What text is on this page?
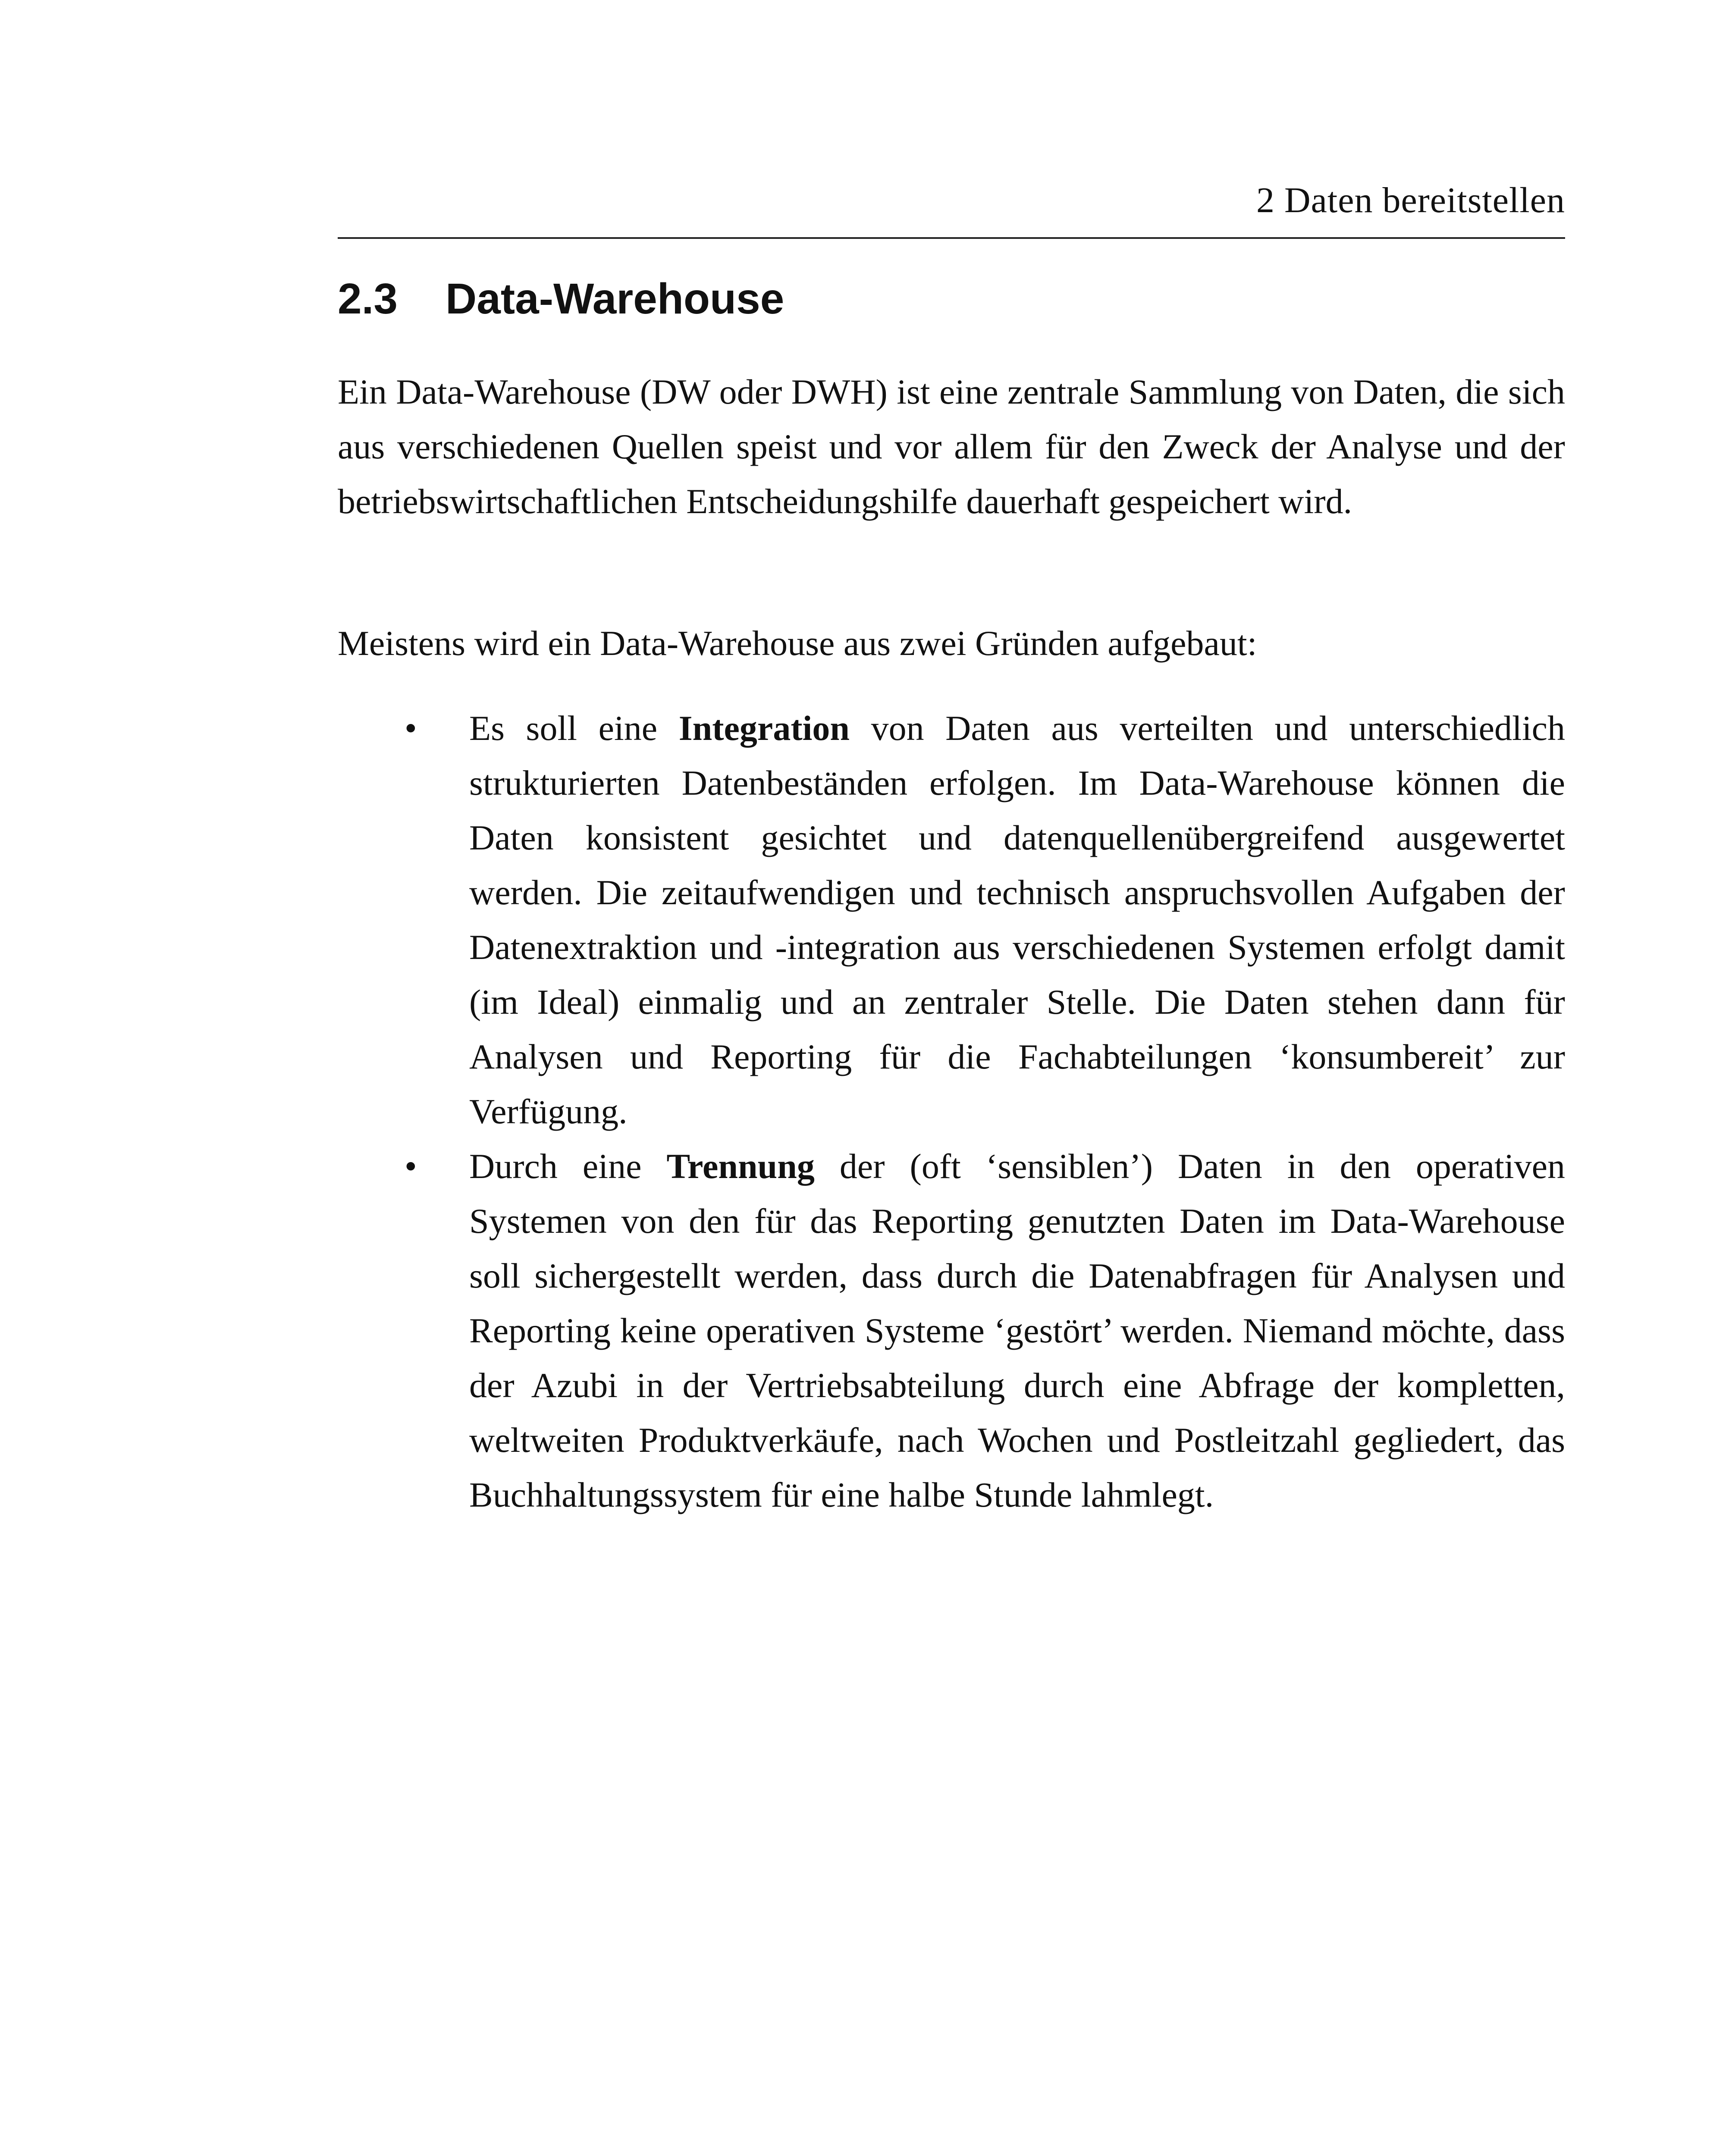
2 Daten bereitstellen
2.3 Data-Warehouse

Ein Data-Warehouse (DW oder DWH) ist eine zentrale Sammlung von Daten, die sich aus verschiedenen Quellen speist und vor allem für den Zweck der Analyse und der betriebswirtschaftlichen Entscheidungshilfe dauerhaft gespeichert wird.

Meistens wird ein Data-Warehouse aus zwei Gründen aufgebaut:

• Es soll eine Integration von Daten aus verteilten und unterschiedlich strukturierten Datenbeständen erfolgen. Im Data-Warehouse können die Daten konsistent gesichtet und datenquellenübergreifend ausgewertet werden. Die zeitaufwendigen und technisch anspruchsvollen Aufgaben der Datenextraktion und -integration aus verschiedenen Systemen erfolgt damit (im Ideal) einmalig und an zentraler Stelle. Die Daten stehen dann für Analysen und Reporting für die Fachabteilungen ‘konsumbereit’ zur Verfügung.
• Durch eine Trennung der (oft ‘sensiblen’) Daten in den operativen Systemen von den für das Reporting genutzten Daten im Data-Warehouse soll sichergestellt werden, dass durch die Datenabfragen für Analysen und Reporting keine operativen Systeme ‘gestört’ werden. Niemand möchte, dass der Azubi in der Vertriebsabteilung durch eine Abfrage der kompletten, weltweiten Produktverkäufe, nach Wochen und Postleitzahl gegliedert, das Buchhaltungssystem für eine halbe Stunde lahmlegt.
